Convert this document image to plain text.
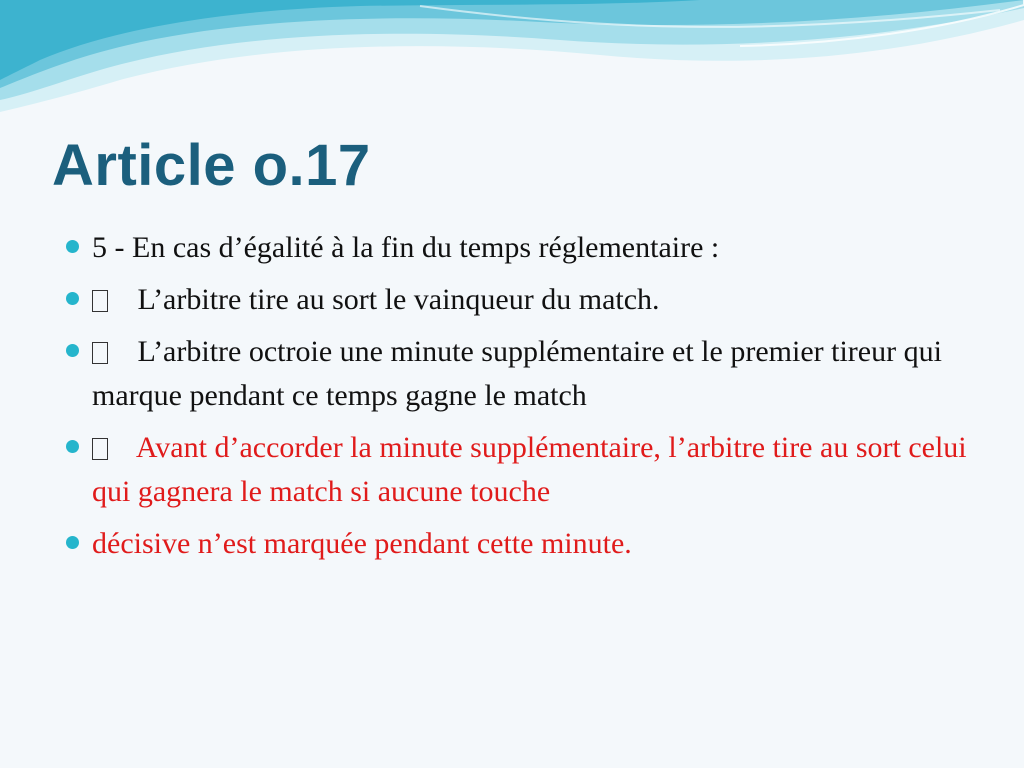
Article o.17
5 - En cas d’égalité à la fin du temps réglementaire :
L’arbitre tire au sort le vainqueur du match.
L’arbitre octroie une minute supplémentaire et le premier tireur qui marque pendant ce temps gagne le match
Avant d’accorder la minute supplémentaire, l’arbitre tire au sort celui qui gagnera le match si aucune touche
décisive n’est marquée pendant cette minute.
